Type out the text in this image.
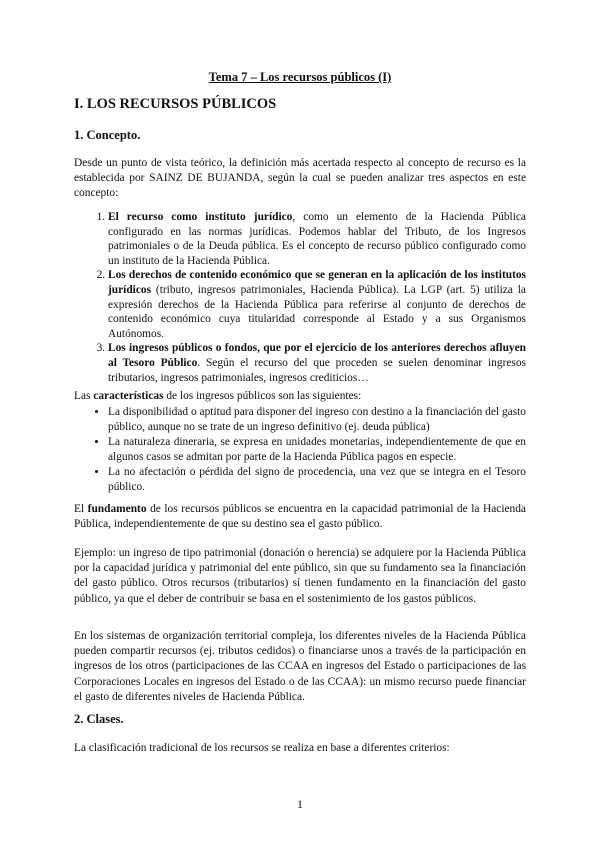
Tema 7 – Los recursos públicos (I)
I. LOS RECURSOS PÚBLICOS
1. Concepto.

Desde un punto de vista teórico, la definición más acertada respecto al concepto de recurso es la establecida por SAINZ DE BUJANDA, según la cual se pueden analizar tres aspectos en este concepto:

1. El recurso como instituto jurídico, como un elemento de la Hacienda Pública configurado en las normas jurídicas. Podemos hablar del Tributo, de los Ingresos patrimoniales o de la Deuda pública. Es el concepto de recurso público configurado como un instituto de la Hacienda Pública.
2. Los derechos de contenido económico que se generan en la aplicación de los institutos jurídicos (tributo, ingresos patrimoniales, Hacienda Pública). La LGP (art. 5) utiliza la expresión derechos de la Hacienda Pública para referirse al conjunto de derechos de contenido económico cuya titularidad corresponde al Estado y a sus Organismos Autónomos.
3. Los ingresos públicos o fondos, que por el ejercicio de los anteriores derechos afluyen al Tesoro Público. Según el recurso del que proceden se suelen denominar ingresos tributarios, ingresos patrimoniales, ingresos crediticios…

Las características de los ingresos públicos son las siguientes:

• La disponibilidad o aptitud para disponer del ingreso con destino a la financiación del gasto público, aunque no se trate de un ingreso definitivo (ej. deuda pública)
• La naturaleza dineraria, se expresa en unidades monetarias, independientemente de que en algunos casos se admitan por parte de la Hacienda Pública pagos en especie.
• La no afectación o pérdida del signo de procedencia, una vez que se integra en el Tesoro público.

El fundamento de los recursos públicos se encuentra en la capacidad patrimonial de la Hacienda Pública, independientemente de que su destino sea el gasto público.

Ejemplo: un ingreso de tipo patrimonial (donación o herencia) se adquiere por la Hacienda Pública por la capacidad jurídica y patrimonial del ente público, sin que su fundamento sea la financiación del gasto público. Otros recursos (tributarios) sí tienen fundamento en la financiación del gasto público, ya que el deber de contribuir se basa en el sostenimiento de los gastos públicos.

En los sistemas de organización territorial compleja, los diferentes niveles de la Hacienda Pública pueden compartir recursos (ej. tributos cedidos) o financiarse unos a través de la participación en ingresos de los otros (participaciones de las CCAA en ingresos del Estado o participaciones de las Corporaciones Locales en ingresos del Estado o de las CCAA): un mismo recurso puede financiar el gasto de diferentes niveles de Hacienda Pública.

2. Clases.

La clasificación tradicional de los recursos se realiza en base a diferentes criterios:

1
